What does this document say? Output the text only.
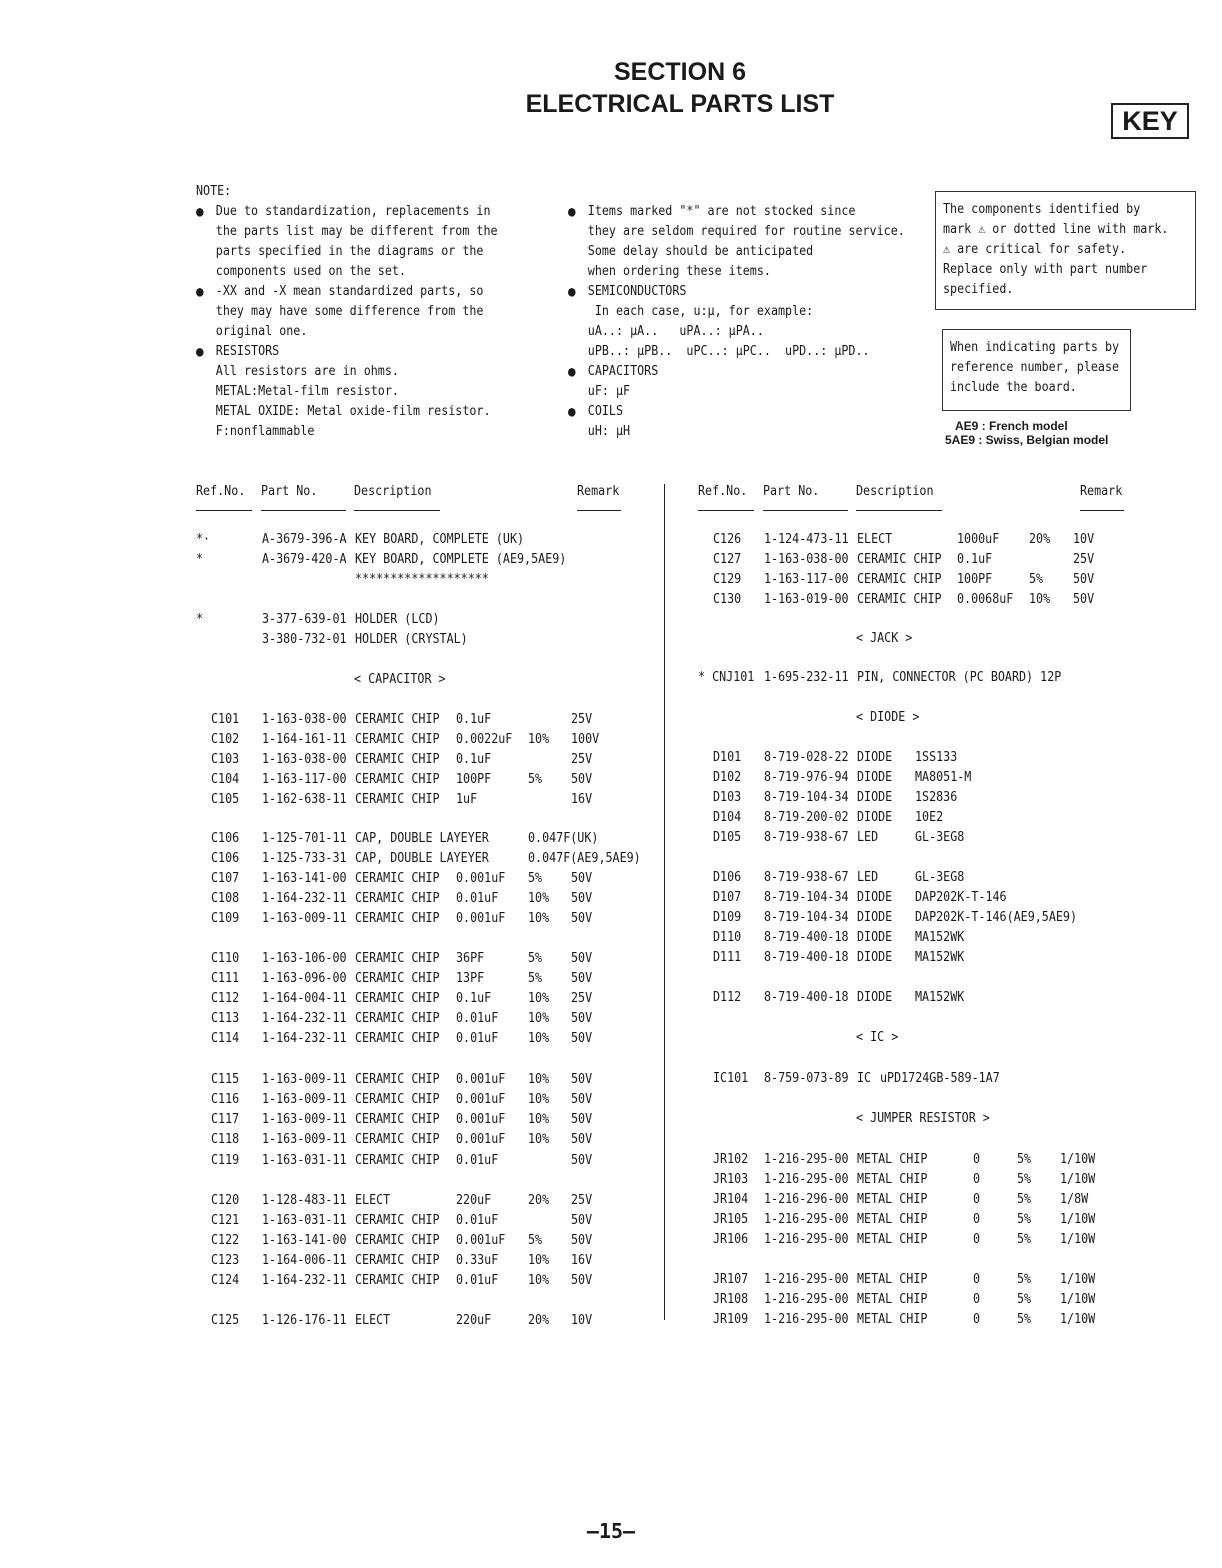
SECTION 6
ELECTRICAL PARTS LIST
KEY
NOTE:
● Due to standardization, replacements in
the parts list may be different from the
parts specified in the diagrams or the
components used on the set.
● -XX and -X mean standardized parts, so
they may have some difference from the
original one.
● RESISTORS
All resistors are in ohms.
METAL:Metal-film resistor.
METAL OXIDE: Metal oxide-film resistor.
F:nonflammable
● Items marked "*" are not stocked since
they are seldom required for routine service.
Some delay should be anticipated
when ordering these items.
● SEMICONDUCTORS
In each case, u:μ, for example:
uA..: μA..   uPA..: μPA..
uPB..: μPB..  uPC..: μPC..  uPD..: μPD..
● CAPACITORS
uF: μF
● COILS
uH: μH
The components identified by
mark ⚠ or dotted line with mark.
⚠ are critical for safety.
Replace only with part number
specified.
When indicating parts by
reference number, please
include the board.
AE9 : French model
5AE9 : Swiss, Belgian model
Ref.No. Part No.	Description	Remark	Ref.No. Part No.	Description	Remark
*·	A-3679-396-A KEY BOARD, COMPLETE (UK)
*	A-3679-420-A KEY BOARD, COMPLETE (AE9,5AE9)
*******************
*	3-377-639-01 HOLDER (LCD)
3-380-732-01 HOLDER (CRYSTAL)
< CAPACITOR >
C101 1-163-038-00 CERAMIC CHIP 0.1uF	25V
C102 1-164-161-11 CERAMIC CHIP 0.0022uF 10% 100V
C103 1-163-038-00 CERAMIC CHIP 0.1uF	25V
C104 1-163-117-00 CERAMIC CHIP 100PF	5% 50V
C105 1-162-638-11 CERAMIC CHIP 1uF	16V
C106 1-125-701-11 CAP, DOUBLE LAYEYER	0.047F(UK)
C106 1-125-733-31 CAP, DOUBLE LAYEYER	0.047F(AE9,5AE9)
C107 1-163-141-00 CERAMIC CHIP 0.001uF 5% 50V
C108 1-164-232-11 CERAMIC CHIP 0.01uF 10% 50V
C109 1-163-009-11 CERAMIC CHIP 0.001uF 10% 50V
C110 1-163-106-00 CERAMIC CHIP 36PF	5% 50V
C111 1-163-096-00 CERAMIC CHIP 13PF	5% 50V
C112 1-164-004-11 CERAMIC CHIP 0.1uF	10% 25V
C113 1-164-232-11 CERAMIC CHIP 0.01uF 10% 50V
C114 1-164-232-11 CERAMIC CHIP 0.01uF 10% 50V
C115 1-163-009-11 CERAMIC CHIP 0.001uF 10% 50V
C116 1-163-009-11 CERAMIC CHIP 0.001uF 10% 50V
C117 1-163-009-11 CERAMIC CHIP 0.001uF 10% 50V
C118 1-163-009-11 CERAMIC CHIP 0.001uF 10% 50V
C119 1-163-031-11 CERAMIC CHIP 0.01uF	50V
C120 1-128-483-11 ELECT	220uF	20% 25V
C121 1-163-031-11 CERAMIC CHIP 0.01uF	50V
C122 1-163-141-00 CERAMIC CHIP 0.001uF 5% 50V
C123 1-164-006-11 CERAMIC CHIP 0.33uF 10% 16V
C124 1-164-232-11 CERAMIC CHIP 0.01uF 10% 50V
C125 1-126-176-11 ELECT	220uF	20% 10V
C126 1-124-473-11 ELECT	1000uF 20% 10V
C127 1-163-038-00 CERAMIC CHIP 0.1uF	25V
C129 1-163-117-00 CERAMIC CHIP 100PF	5% 50V
C130 1-163-019-00 CERAMIC CHIP 0.0068uF 10% 50V
< JACK >
* CNJ101 1-695-232-11 PIN, CONNECTOR (PC BOARD) 12P
< DIODE >
D101 8-719-028-22 DIODE 1SS133
D102 8-719-976-94 DIODE MA8051-M
D103 8-719-104-34 DIODE 1S2836
D104 8-719-200-02 DIODE 10E2
D105 8-719-938-67 LED	GL-3EG8
D106 8-719-938-67 LED	GL-3EG8
D107 8-719-104-34 DIODE DAP202K-T-146
D109 8-719-104-34 DIODE DAP202K-T-146(AE9,5AE9)
D110 8-719-400-18 DIODE MA152WK
D111 8-719-400-18 DIODE MA152WK
D112 8-719-400-18 DIODE MA152WK
< IC >
IC101 8-759-073-89 IC uPD1724GB-589-1A7
< JUMPER RESISTOR >
JR102 1-216-295-00 METAL CHIP	0	5% 1/10W
JR103 1-216-295-00 METAL CHIP	0	5% 1/10W
JR104 1-216-296-00 METAL CHIP	0	5% 1/8W
JR105 1-216-295-00 METAL CHIP	0	5% 1/10W
JR106 1-216-295-00 METAL CHIP	0	5% 1/10W
JR107 1-216-295-00 METAL CHIP	0	5% 1/10W
JR108 1-216-295-00 METAL CHIP	0	5% 1/10W
JR109 1-216-295-00 METAL CHIP	0	5% 1/10W
—15—
